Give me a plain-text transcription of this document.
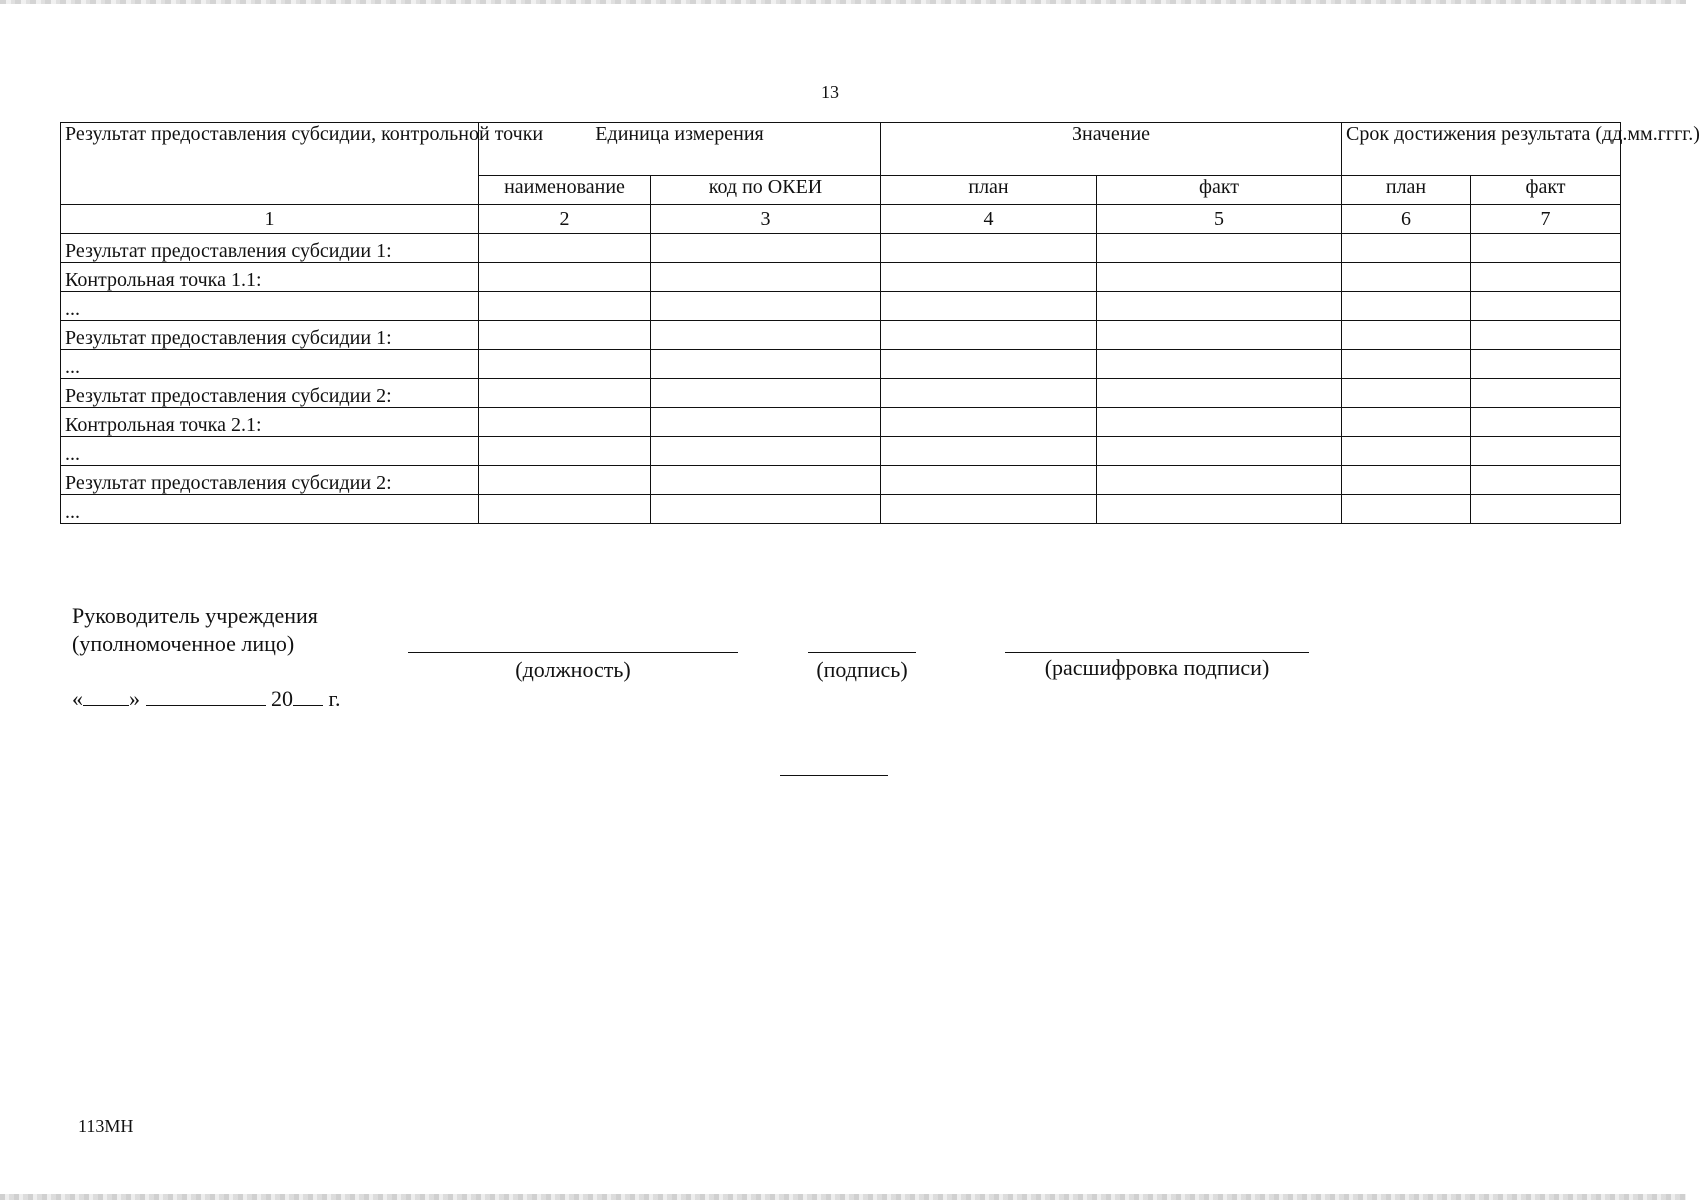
13
Результат предоставления субсидии, контрольной точки	Единица измерения		Значение		Срок достижения результата (дд.мм.гггг.)	
	наименование	код по ОКЕИ	план	факт	план	факт
1	2	3	4	5	6	7
Результат предоставления субсидии 1:						
Контрольная точка 1.1:						
...						
Результат предоставления субсидии 1:						
...						
Результат предоставления субсидии 2:						
Контрольная точка 2.1:						
...						
Результат предоставления субсидии 2:						
...						
Руководитель учреждения
(уполномоченное лицо)
(должность)	(подпись)	(расшифровка подписи)
« »	20 г.
113МН
